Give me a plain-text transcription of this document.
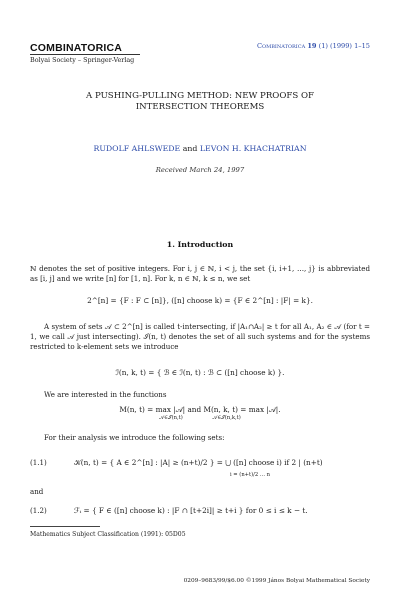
COMBINATORICA
Bolyai Society – Springer-Verlag
Combinatorica 19 (1) (1999) 1–15
A PUSHING-PULLING METHOD: NEW PROOFS OF
INTERSECTION THEOREMS
RUDOLF AHLSWEDE and LEVON H. KHACHATRIAN
Received March 24, 1997
1. Introduction
ℕ denotes the set of positive integers. For i, j ∈ ℕ, i < j, the set {i, i+1, …, j} is abbreviated as [i, j] and we write [n] for [1, n]. For k, n ∈ ℕ, k ≤ n, we set
2^[n] = {F : F ⊂ [n]}, ([n] choose k) = {F ∈ 2^[n] : |F| = k}.
A system of sets 𝒜 ⊂ 2^[n] is called t-intersecting, if |A₁∩A₂| ≥ t for all A₁, A₂ ∈ 𝒜 (for t = 1, we call 𝒜 just intersecting). ℐ(n, t) denotes the set of all such systems and for the systems restricted to k-element sets we introduce
ℐ(n, k, t) = { ℬ ∈ ℐ(n, t) : ℬ ⊂ ([n] choose k) }.
We are interested in the functions
M(n, t) = max |𝒜| and M(n, k, t) = max |𝒜|.
𝒜∈ℐ(n,t)	𝒜∈ℐ(n,k,t)
For their analysis we introduce the following sets:
(1.1)	𝒦(n, t) = { A ∈ 2^[n] : |A| ≥ (n+t)/2 } = ⋃ ([n] choose i) if 2 | (n+t)
i = (n+t)/2 … n
and
(1.2)	ℱᵢ = { F ∈ ([n] choose k) : |F ∩ [t+2i]| ≥ t+i } for 0 ≤ i ≤ k − t.
Mathematics Subject Classification (1991): 05D05
0209–9683/99/$6.00 ©1999 János Bolyai Mathematical Society
